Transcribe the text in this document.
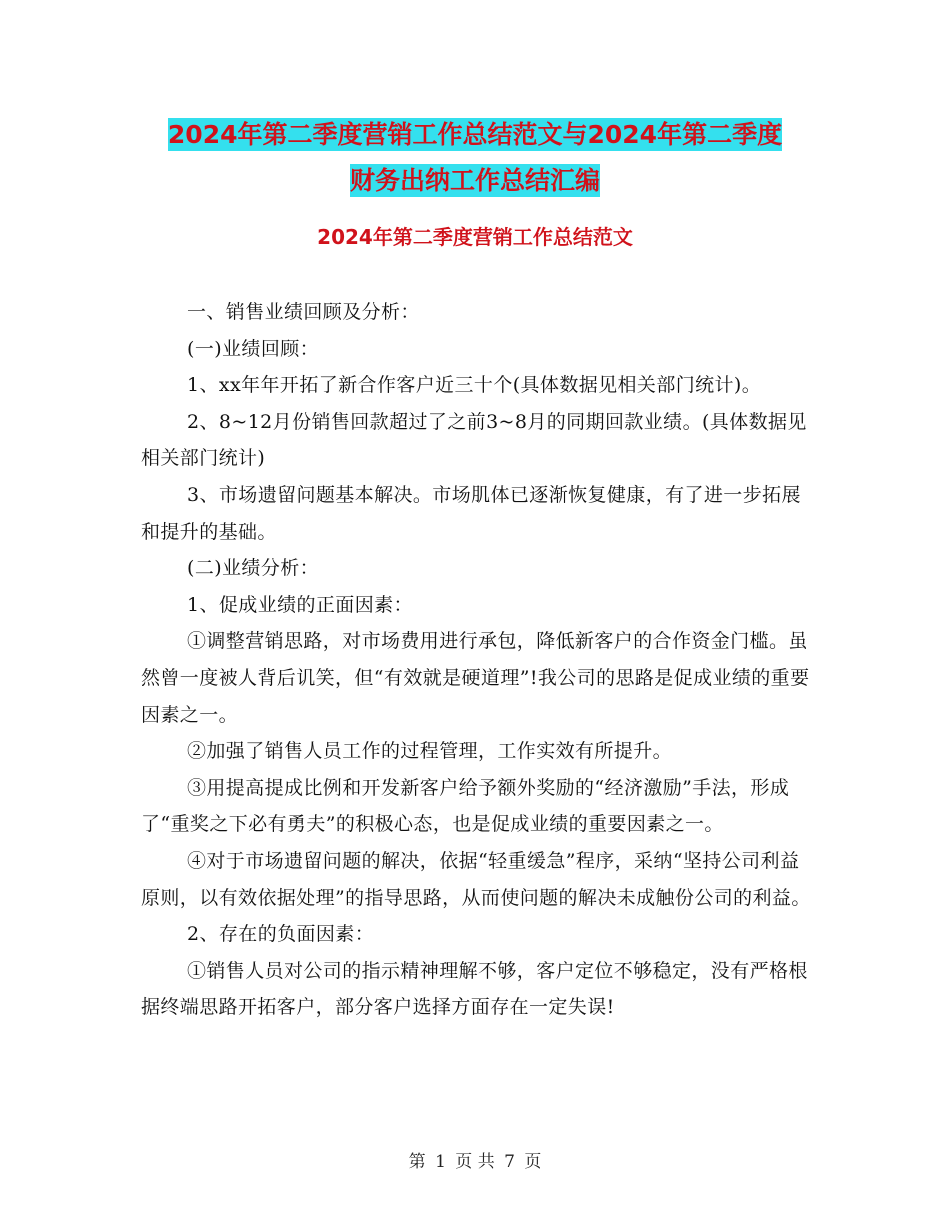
2024年第二季度营销工作总结范文与2024年第二季度
财务出纳工作总结汇编
2024年第二季度营销工作总结范文

一、销售业绩回顾及分析：

(一)业绩回顾：

1、xx年年开拓了新合作客户近三十个(具体数据见相关部门统计)。

2、8~12月份销售回款超过了之前3~8月的同期回款业绩。(具体数据见相关部门统计)

3、市场遗留问题基本解决。市场肌体已逐渐恢复健康，有了进一步拓展和提升的基础。

(二)业绩分析：

1、促成业绩的正面因素：

①调整营销思路，对市场费用进行承包，降低新客户的合作资金门槛。虽然曾一度被人背后讥笑，但“有效就是硬道理”!我公司的思路是促成业绩的重要因素之一。

②加强了销售人员工作的过程管理，工作实效有所提升。

③用提高提成比例和开发新客户给予额外奖励的“经济激励”手法，形成了“重奖之下必有勇夫”的积极心态，也是促成业绩的重要因素之一。

④对于市场遗留问题的解决，依据“轻重缓急”程序，采纳“坚持公司利益原则，以有效依据处理”的指导思路，从而使问题的解决未成触份公司的利益。

2、存在的负面因素：

①销售人员对公司的指示精神理解不够，客户定位不够稳定，没有严格根据终端思路开拓客户，部分客户选择方面存在一定失误!

第 1 页 共 7 页
